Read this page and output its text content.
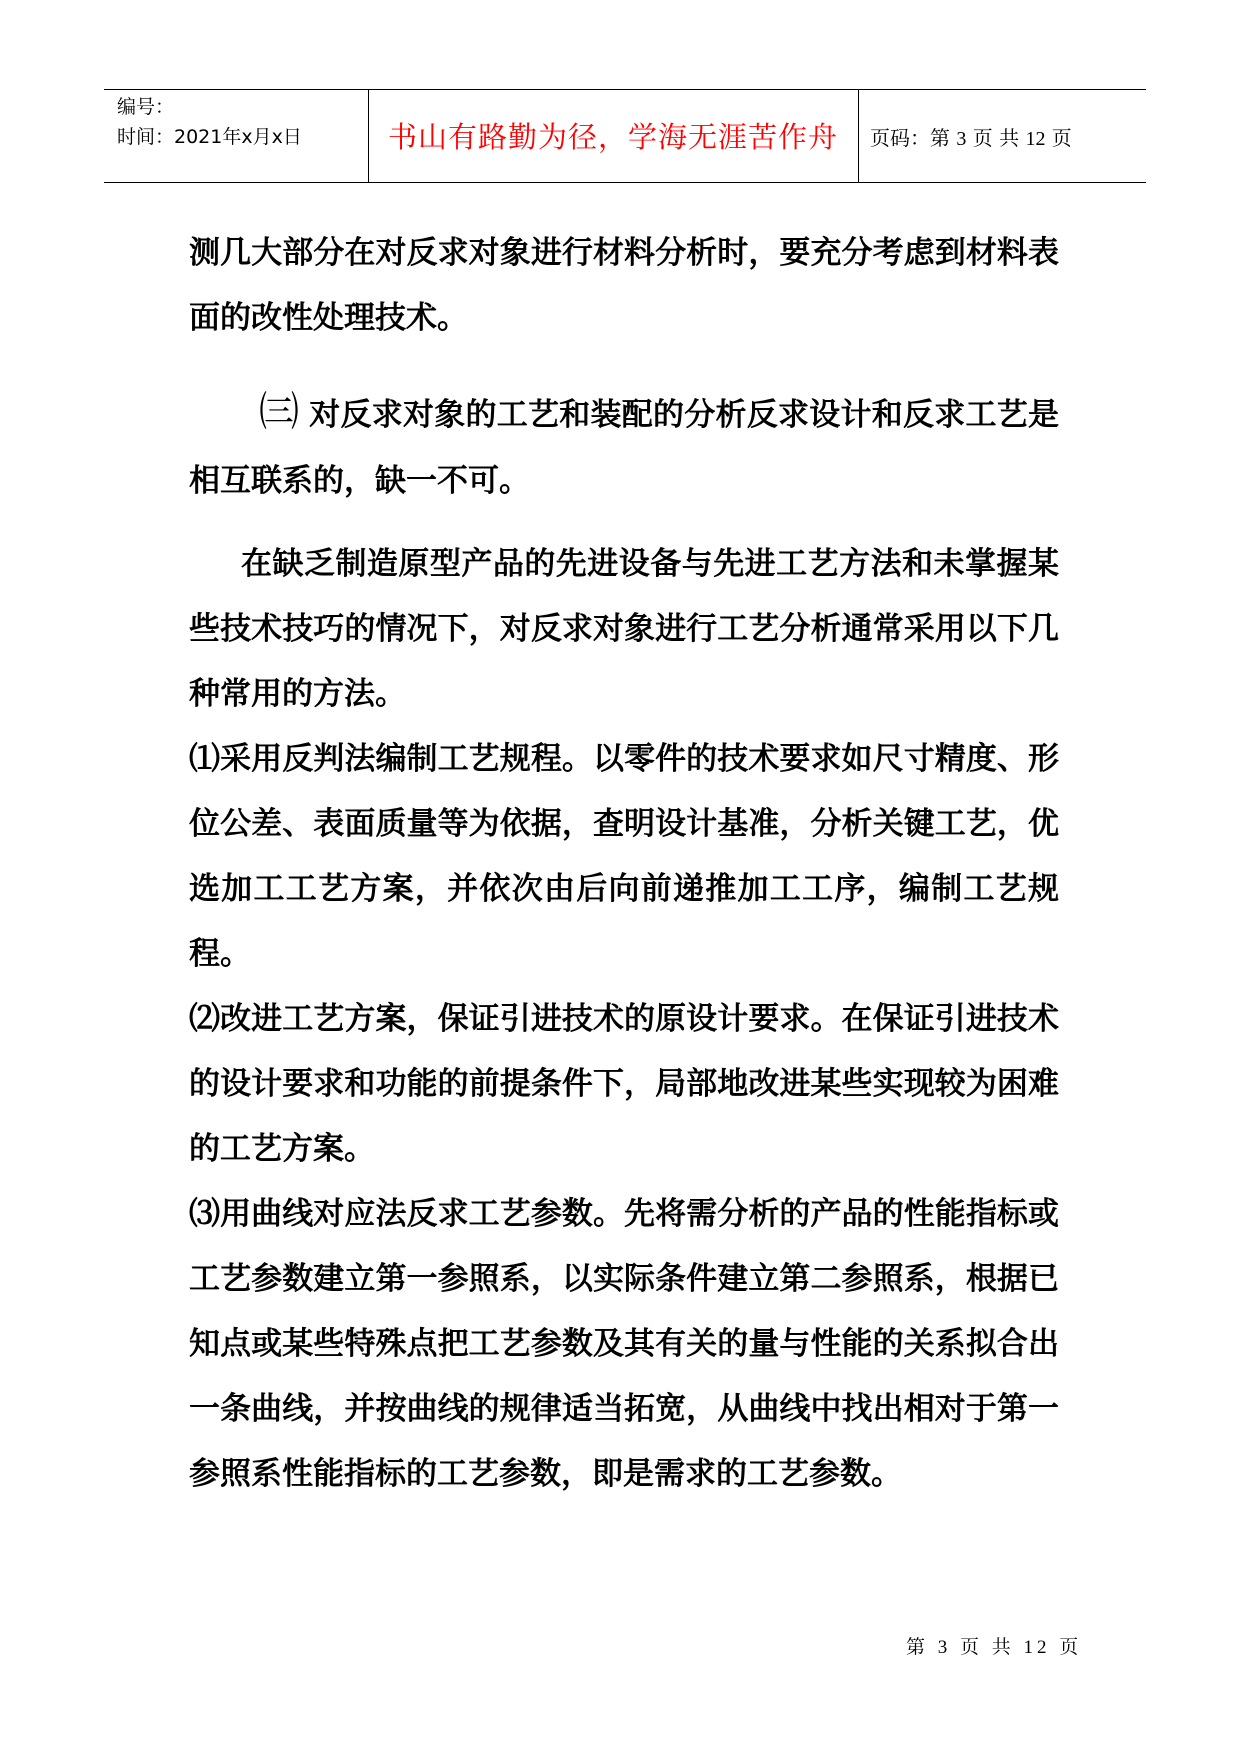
编号：
时间：2021年x月x日	书山有路勤为径，学海无涯苦作舟	页码：第 3 页 共 12 页

测几大部分在对反求对象进行材料分析时，要充分考虑到材料表面的改性处理技术。

㈢ 对反求对象的工艺和装配的分析反求设计和反求工艺是相互联系的，缺一不可。

在缺乏制造原型产品的先进设备与先进工艺方法和未掌握某些技术技巧的情况下，对反求对象进行工艺分析通常采用以下几种常用的方法。

⑴采用反判法编制工艺规程。以零件的技术要求如尺寸精度、形位公差、表面质量等为依据，查明设计基准，分析关键工艺，优选加工工艺方案，并依次由后向前递推加工工序，编制工艺规程。

⑵改进工艺方案，保证引进技术的原设计要求。在保证引进技术的设计要求和功能的前提条件下，局部地改进某些实现较为困难的工艺方案。

⑶用曲线对应法反求工艺参数。先将需分析的产品的性能指标或工艺参数建立第一参照系，以实际条件建立第二参照系，根据已知点或某些特殊点把工艺参数及其有关的量与性能的关系拟合出一条曲线，并按曲线的规律适当拓宽，从曲线中找出相对于第一参照系性能指标的工艺参数，即是需求的工艺参数。

第 3 页 共 12 页
